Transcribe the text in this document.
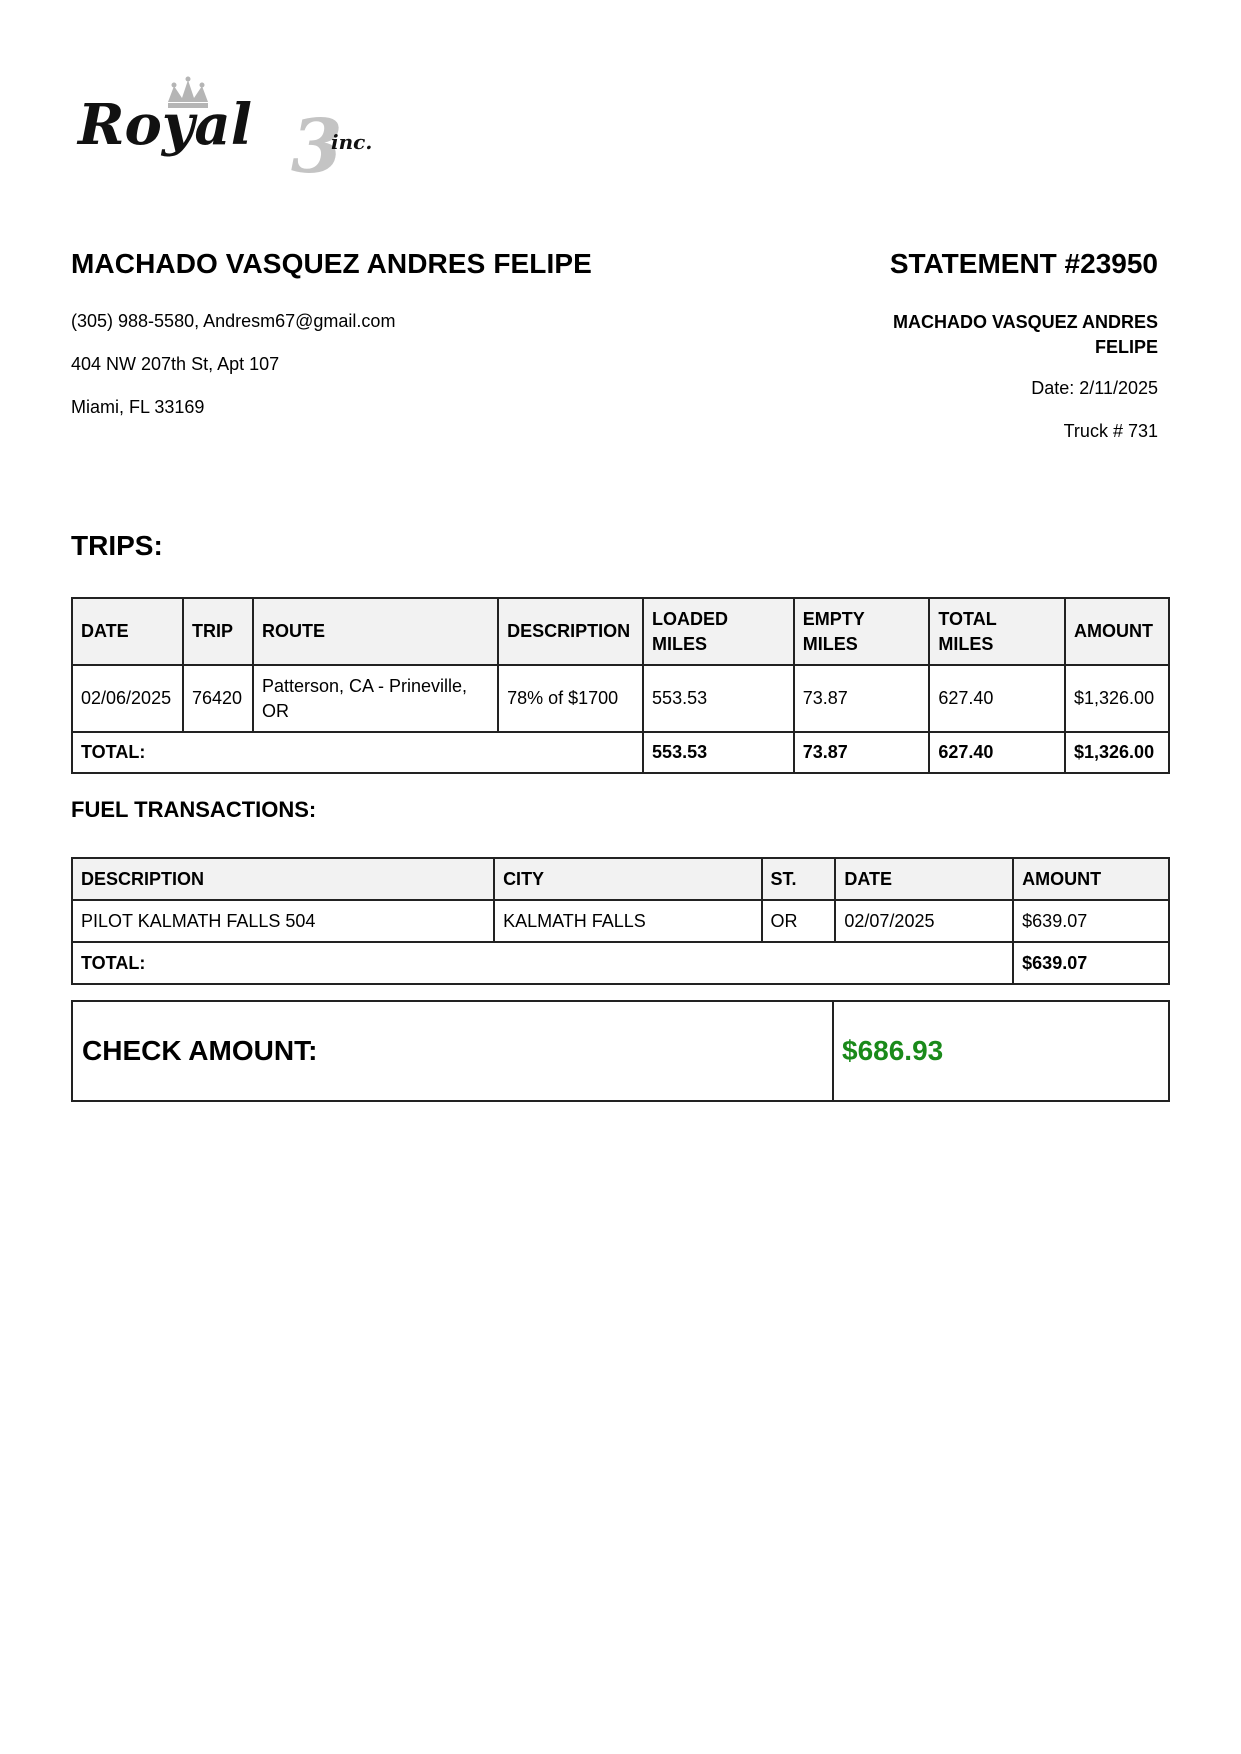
3
Royal	inc.
MACHADO VASQUEZ ANDRES FELIPE
(305) 988-5580, Andresm67@gmail.com
404 NW 207th St, Apt 107
Miami, FL 33169
STATEMENT #23950
MACHADO VASQUEZ ANDRES FELIPE
Date: 2/11/2025
Truck # 731
TRIPS:
DATE	TRIP	ROUTE	DESCRIPTION	LOADED MILES	EMPTY MILES	TOTAL MILES	AMOUNT
02/06/2025	76420	Patterson, CA - Prineville, OR	78% of $1700	553.53	73.87	627.40	$1,326.00
TOTAL:				553.53	73.87	627.40	$1,326.00
FUEL TRANSACTIONS:
DESCRIPTION	CITY	ST.	DATE	AMOUNT
PILOT KALMATH FALLS 504	KALMATH FALLS	OR	02/07/2025	$639.07
TOTAL:				$639.07
CHECK AMOUNT:	$686.93
